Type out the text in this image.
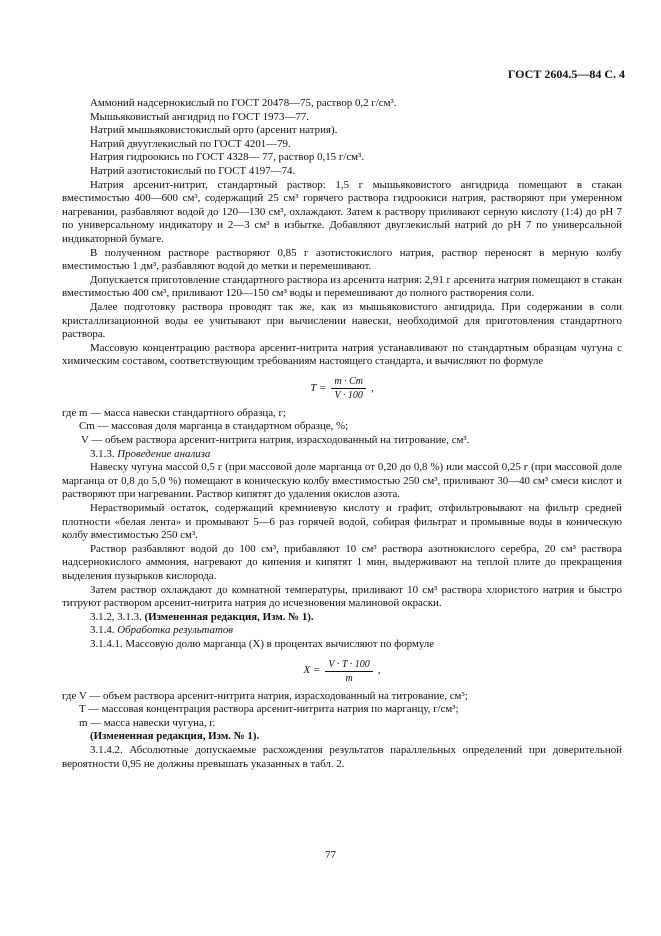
ГОСТ 2604.5—84 С. 4

Аммоний надсернокислый по ГОСТ 20478—75, раствор 0,2 г/см³.

Мышьяковистый ангидрид по ГОСТ 1973—77.

Натрий мышьяковистокислый орто (арсенит натрия).

Натрий двууглекислый по ГОСТ 4201—79.

Натрия гидроокись по ГОСТ 4328— 77, раствор 0,15 г/см³.

Натрий азотистокислый по ГОСТ 4197—74.

Натрия арсенит-нитрит, стандартный раствор: 1,5 г мышьяковистого ангидрида помещают в стакан вместимостью 400—600 см³, содержащий 25 см³ горячего раствора гидроокиси натрия, растворяют при умеренном нагревании, разбавляют водой до 120—130 см³, охлаждают. Затем к раствору приливают серную кислоту (1:4) до pH 7 по универсальному индикатору и 2—3 см³ в избытке. Добавляют двуглекислый натрий до pH 7 по универсальной индикаторной бумаге.

В полученном растворе растворяют 0,85 г азотистокислого натрия, раствор переносят в мерную колбу вместимостью 1 дм³, разбавляют водой до метки и перемешивают.

Допускается приготовление стандартного раствора из арсенита натрия: 2,91 г арсенита натрия помещают в стакан вместимостью 400 см³, приливают 120—150 см³ воды и перемешивают до полного растворения соли.

Далее подготовку раствора проводят так же, как из мышьяковистого ангидрида. При содержании в соли кристаллизационной воды ее учитывают при вычислении навески, необходимой для приготовления стандартного раствора.

Массовую концентрацию раствора арсенит-нитрита натрия устанавливают по стандартным образцам чугуна с химическим составом, соответствующим требованиям настоящего стандарта, и вычисляют по формуле

$T = \frac{m \cdot Cm}{V \cdot 100}$ ,
где m — масса навески стандартного образца, г;
Cm — массовая доля марганца в стандартном образце, %;
V — объем раствора арсенит-нитрита натрия, израсходованный на титрование, см³.

3.1.3. Проведение анализа

Навеску чугуна массой 0,5 г (при массовой доле марганца от 0,20 до 0,8 %) или массой 0,25 г (при массовой доле марганца от 0,8 до 5,0 %) помещают в коническую колбу вместимостью 250 см³, приливают 30—40 см³ смеси кислот и растворяют при нагревании. Раствор кипятят до удаления окислов азота.

Нерастворимый остаток, содержащий кремниевую кислоту и графит, отфильтровывают на фильтр средней плотности «белая лента» и промывают 5—6 раз горячей водой, собирая фильтрат и промывные воды в коническую колбу вместимостью 250 см³.

Раствор разбавляют водой до 100 см³, прибавляют 10 см³ раствора азотнокислого серебра, 20 см³ раствора надсернокислого аммония, нагревают до кипения и кипятят 1 мин, выдерживают на теплой плите до прекращения выделения пузырьков кислорода.

Затем раствор охлаждают до комнатной температуры, приливают 10 см³ раствора хлористого натрия и быстро титруют раствором арсенит-нитрита натрия до исчезновения малиновой окраски.

3.1.2, 3.1.3. (Измененная редакция, Изм. № 1).

3.1.4. Обработка результатов

3.1.4.1. Массовую долю марганца (X) в процентах вычисляют по формуле

$X = \frac{V \cdot T \cdot 100}{m}$ ,
где V — объем раствора арсенит-нитрита натрия, израсходованный на титрование, см³;
T — массовая концентрация раствора арсенит-нитрита натрия по марганцу, г/см³;
m — масса навески чугуна, г.

(Измененная редакция, Изм. № 1).

3.1.4.2. Абсолютные допускаемые расхождения результатов параллельных определений при доверительной вероятности 0,95 не должны превышать указанных в табл. 2.

77
